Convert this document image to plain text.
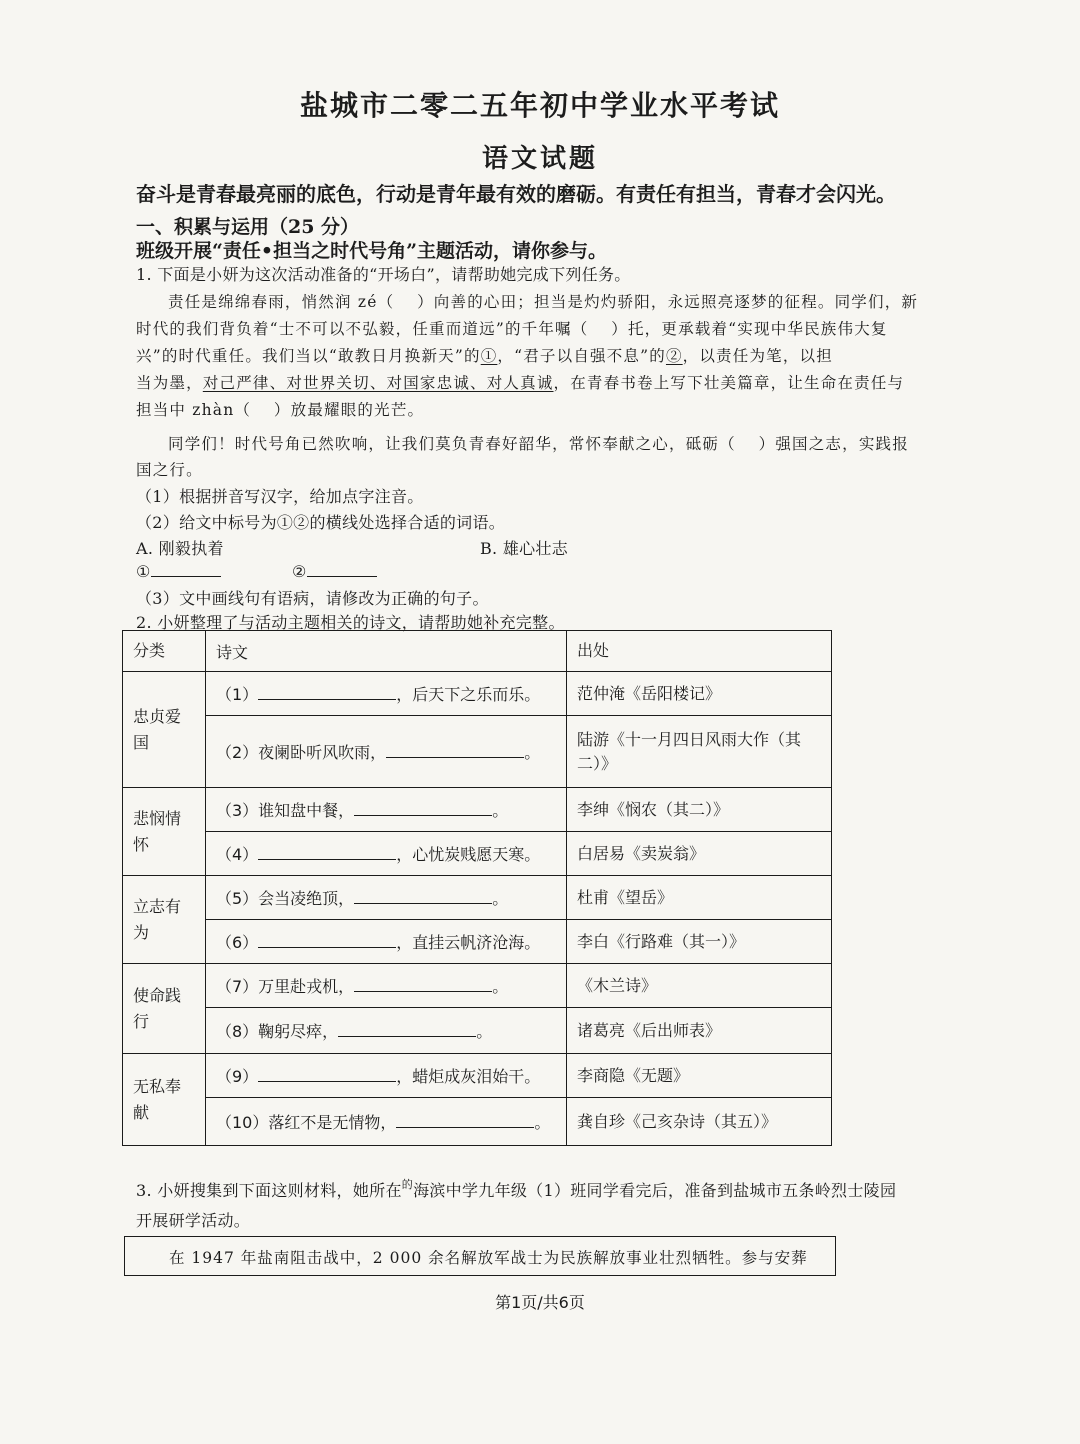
盐城市二零二五年初中学业水平考试
语文试题
奋斗是青春最亮丽的底色，行动是青年最有效的磨砺。有责任有担当，青春才会闪光。
一、积累与运用（25 分）
班级开展“责任•担当之时代号角”主题活动，请你参与。
1. 下面是小妍为这次活动准备的“开场白”，请帮助她完成下列任务。
责任是绵绵春雨，悄然润 zé（　 ）向善的心田；担当是灼灼骄阳，永远照亮逐梦的征程。同学们，新
时代的我们背负着“士不可以不弘毅，任重而道远”的千年嘱（　 ）托，更承载着“实现中华民族伟大复
兴”的时代重任。我们当以“敢教日月换新天”的①，“君子以自强不息”的②，以责任为笔，以担
当为墨，对己严律、对世界关切、对国家忠诚、对人真诚，在青春书卷上写下壮美篇章，让生命在责任与
担当中 zhàn（　 ）放最耀眼的光芒。
同学们！时代号角已然吹响，让我们莫负青春好韶华，常怀奉献之心，砥砺（　 ）强国之志，实践报
国之行。
（1）根据拼音写汉字，给加点字注音。
（2）给文中标号为①②的横线处选择合适的词语。
A. 刚毅执着	B. 雄心壮志
①	②
（3）文中画线句有语病，请修改为正确的句子。
2. 小妍整理了与活动主题相关的诗文，请帮助她补充完整。
分类	诗文	出处
忠贞爱国	（1） ，后天下之乐而乐。	范仲淹《岳阳楼记》
	（2）夜阑卧听风吹雨， 。	陆游《十一月四日风雨大作（其二）》
悲悯情怀	（3）谁知盘中餐， 。	李绅《悯农（其二）》
	（4） ，心忧炭贱愿天寒。	白居易《卖炭翁》
立志有为	（5）会当凌绝顶， 。	杜甫《望岳》
	（6） ，直挂云帆济沧海。	李白《行路难（其一）》
使命践行	（7）万里赴戎机， 。	《木兰诗》
	（8）鞠躬尽瘁， 。	诸葛亮《后出师表》
无私奉献	（9） ，蜡炬成灰泪始干。	李商隐《无题》
	（10）落红不是无情物， 。	龚自珍《己亥杂诗（其五）》
3. 小妍搜集到下面这则材料，她所在$^的$海滨中学九年级（1）班同学看完后，准备到盐城市五条岭烈士陵园
开展研学活动。
在 1947 年盐南阻击战中，2 000 余名解放军战士为民族解放事业壮烈牺牲。参与安葬
第1页/共6页
